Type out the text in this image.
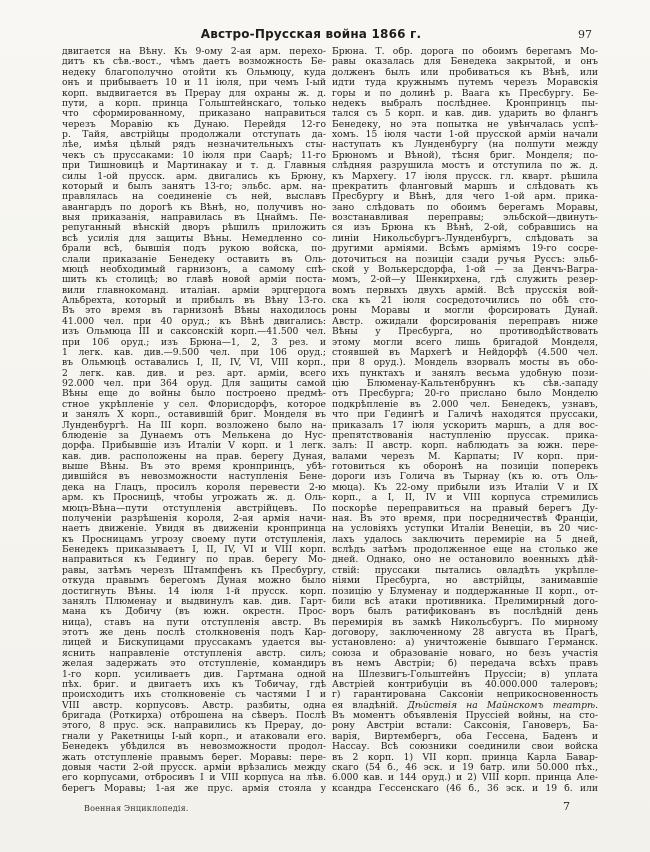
Австро-Прусская война 1866 г.	97
двигается на Вѣну. Къ 9-ому 2-ая арм. перехо-
дитъ къ сѣв.-вост., чѣмъ даетъ возможность Бе-
недеку благополучно отойти къ Ольмюцу, куда
онъ и прибываетъ 10 и 11 іюля, при чемъ I-ый
корп. выдвигается въ Прерау для охраны ж. д.
пути, а корп. принца Гольштейнскаго, только
что сформированному, приказано направиться
черезъ Моравію къ Дунаю. Перейдя 12-го
р. Тайя, австрійцы продолжали отступать да-
лѣе, имѣя цѣлый рядъ незначительныхъ сты-
чекъ съ пруссаками: 10 іюля при Саарѣ; 11-го
при Тишновицѣ и Мартинакау и т. д. Главныя
силы 1-ой прусск. арм. двигались къ Брюну,
который и былъ занятъ 13-го; эльбс. арм. на-
правлялась на соединеніе съ ней, выславъ
авангардъ по дорогѣ къ Вѣнѣ, но, получивъ но-
выя приказанія, направилась въ Цнаймъ. Пе-
репуганный вѣнскій дворъ рѣшилъ приложить
всѣ усилія для защиты Вѣны. Немедленно со-
брали всѣ, бывшія подъ рукою войска, по-
слали приказаніе Бенедеку оставить въ Оль-
мюцѣ необходимый гарнизонъ, а самому спѣ-
шить къ столицѣ; во главѣ новой арміи поста-
вили главнокоманд. италіан. арміи эрцгерцога
Альбрехта, который и прибылъ въ Вѣну 13-го.
Въ это время въ гарнизонѣ Вѣны находилось
41.000 чел. при 40 оруд.; къ Вѣнѣ двигались:
изъ Ольмюца III и саксонскій корп.—41.500 чел.
при 106 оруд.; изъ Брюна—1, 2, 3 рез. и
1 легк. кав. див.—9.500 чел. при 106 оруд.;
въ Ольмюцѣ оставались I, II, IV, VI, VIII корп.,
2 легк. кав. див. и рез. арт. арміи, всего
92.000 чел. при 364 оруд. Для защиты самой
Вѣны еще до войны было построено предмѣ-
стное укрѣпленіе у сел. Флорисдорфъ, которое
и занялъ X корп., оставившій бриг. Монделя въ
Лунденбургѣ. На III корп. возложено было на-
блюденіе за Дунаемъ отъ Мелькена до Нус-
дорфа. Прибывшіе изъ Италіи V корп. и 1 легк.
кав. див. расположены на прав. берегу Дуная,
выше Вѣны. Въ это время кронпринцъ, убѣ-
дившійся въ невозможности наступленія Бене-
дека на Глацъ, просилъ короля перевести 2-ю
арм. къ Просницѣ, чтобы угрожать ж. д. Оль-
мюцъ-Вѣна—пути отступленія австрійцевъ. По
полученіи разрѣшенія короля, 2-ая армія начи-
наетъ движеніе. Увидя въ движеніи кронпринца
къ Просницамъ угрозу своему пути отступленія,
Бенедекъ приказываетъ I, II, IV, VI и VIII корп.
направиться къ Гедингу по прав. берегу Мо-
равы, затѣмъ черезъ Штампфенъ къ Пресбургу,
откуда правымъ берегомъ Дуная можно было
достигнуть Вѣны. 14 іюля 1-й прусск. корп.
занялъ Плюменау и выдвинулъ кав. див. Гарт-
мана къ Добичу (въ южн. окрестн. Прос-
ница), ставъ на пути отступленія австр. Въ
этотъ же день послѣ столкновенія подъ Кар-
лицей и Бискупицами пруссакамъ удается вы-
яснить направленіе отступленія австр. силъ;
желая задержать это отступленіе, командиръ
1-го корп. усиливаетъ див. Гартмана одной
пѣх. бриг. и двигаетъ ихъ къ Тобичау, гдѣ
происходитъ ихъ столкновеніе съ частями I и
VIII австр. корпусовъ. Австр. разбиты, одна
бригада (Роткирха) отброшена на сѣверъ. Послѣ
этого, 8 прус. эск. направились къ Прерау, до-
гнали у Ракетницы I-ый корп., и атаковали его.
Бенедекъ убѣдился въ невозможности продол-
жать отступленіе правымъ берег. Моравы: пере-
довыя части 2-ой прусск. арміи врѣзались между
его корпусами, отбросивъ I и VIII корпуса на лѣв.
берегъ Моравы; 1-ая же прус. армія стояла у
Брюна. Т. обр. дорога по обоимъ берегамъ Мо-
равы оказалась для Бенедека закрытой, и онъ
долженъ былъ или пробиваться къ Вѣнѣ, или
идти туда кружнымъ путемъ черезъ Моравскія
горы и по долинѣ р. Ваага къ Пресбургу. Бе-
недекъ выбралъ послѣднее. Кронпринцъ пы-
тался съ 5 корп. и кав. див. ударить во флангъ
Бенедеку, но эта попытка не увѣнчалась успѣ-
хомъ. 15 іюля части 1-ой прусской арміи начали
наступать къ Лунденбургу (на полпути между
Брюномъ и Вѣной), тѣсня бриг. Монделя; по-
слѣдняя разрушила мостъ и отступила по ж. д.
къ Мархегу. 17 іюля прусск. гл. кварт. рѣшила
прекратить фланговый маршъ и слѣдовать къ
Пресбургу и Вѣнѣ, для чего 1-ой арм. прика-
зано слѣдовать по обоимъ берегамъ Моравы,
возстанавливая переправы; эльбской—двинуть-
ся изъ Брюна къ Вѣнѣ, 2-ой, собравшись на
линіи Никольсбургъ-Лунденбургъ, слѣдовать за
другими арміями. Всѣмъ арміямъ 19-го сосре-
доточиться на позиціи сзади ручья Руссъ: эльб-
ской у Волькерсдорфа, 1-ой — за Денчъ-Вагра-
момъ, 2-ой—у Шенкирхена, гдѣ служить резер-
вомъ первыхъ двухъ армій. Всѣ прусскія вой-
ска къ 21 іюля сосредоточились по обѣ сто-
роны Моравы и могли форсировать Дунай.
Австр. ожидали форсированія переправъ ниже
Вѣны у Пресбурга, но противодѣйствовать
этому могли всего лишь бригадой Монделя,
стоявшей въ Мархегѣ и Нейдорфѣ (4.500 чел.
при 8 оруд.). Мондель взорвалъ мосты въ обо-
ихъ пунктахъ и занялъ весьма удобную пози-
цію Блюменау-Кальтенбруннъ къ сѣв.-западу
отъ Пресбурга; 20-го прислано было Монделю
подкрѣпленіе въ 2.000 чел. Бенедекъ, узнавъ,
что при Гедингѣ и Галичѣ находятся пруссаки,
приказалъ 17 іюля ускорить маршъ, а для вос-
препятствованія наступленію пруссак. прика-
залъ: II австр. корп. наблюдать за южн. пере-
валами черезъ М. Карпаты; IV корп. при-
готовиться къ оборонѣ на позиціи поперекъ
дороги изъ Голича въ Тырнау (къ ю. отъ Оль-
мюца). Къ 22-ому прибыли изъ Италіи V и IX
корп., а I, II, IV и VIII корпуса стремились
поскорѣе переправиться на правый берегъ Ду-
ная. Въ это время, при посредничествѣ Франціи,
на условіяхъ уступки Италіи Венеціи, въ 20 чис-
лахъ удалось заключить перемиріе на 5 дней,
вслѣдъ затѣмъ продолженное еще на столько же
дней. Однако, оно не остановило военныхъ дѣй-
ствій: пруссаки пытались овладѣть укрѣпле-
ніями Пресбурга, но австрійцы, занимавшіе
позицію у Блуменау и поддержанные II корп., от-
били всѣ атаки противника. Прелимирный дого-
воръ былъ ратификованъ въ послѣдній день
перемирія въ замкѣ Никольсбургъ. По мирному
договору, заключенному 28 августа въ Прагѣ,
установлено: а) уничтоженіе бывшаго Германск.
союза и образованіе новаго, но безъ участія
въ немъ Австріи; б) передача всѣхъ правъ
на Шлезвигъ-Гольштейнъ Пруссіи; в) уплата
Австріей контрибуціи въ 40.000.000 талеровъ;
г) гарантирована Саксоніи неприкосновенность
ея владѣній. Дѣйствія на Майнскомъ театрѣ.
Въ моментъ объявленія Пруссіей войны, на сто-
рону Австріи встали: Саксонія, Гановеръ, Ба-
варія, Виртембергъ, оба Гессена, Баденъ и
Нассау. Всѣ союзники соединили свои войска
въ 2 корп. 1) VII корп. принца Карла Бавар-
скаго (54 б., 46 эск. и 19 батр. или 50.000 пѣх.,
6.000 кав. и 144 оруд.) и 2) VIII корп. принца Але-
ксандра Гессенскаго (46 б., 36 эск. и 19 б. или
Военная Энциклопедія.	7
